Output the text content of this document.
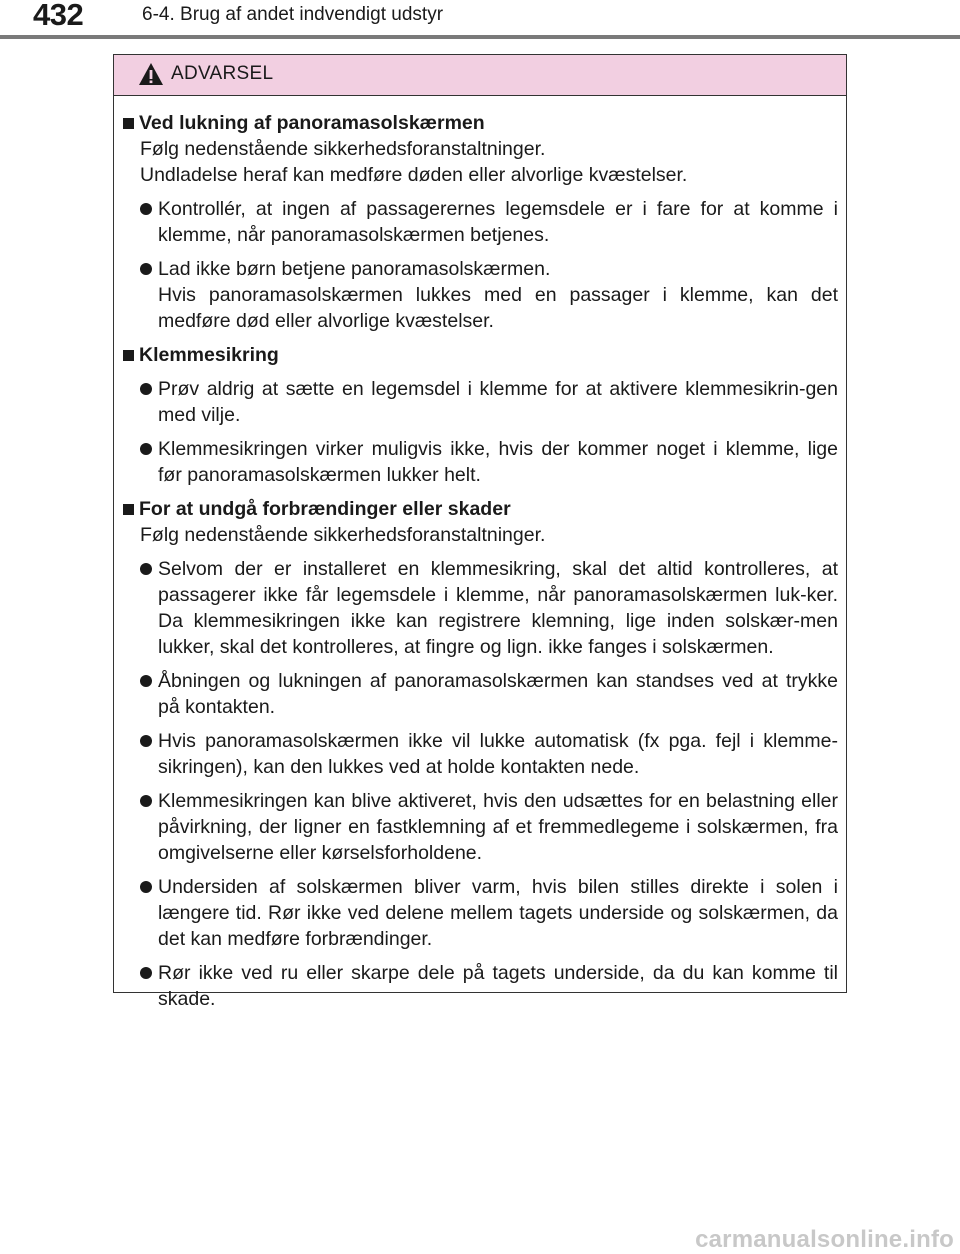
432	6-4. Brug af andet indvendigt udstyr
ADVARSEL
Ved lukning af panoramasolskærmen
Følg nedenstående sikkerhedsforanstaltninger.
Undladelse heraf kan medføre døden eller alvorlige kvæstelser.
Kontrollér, at ingen af passagerernes legemsdele er i fare for at komme i klemme, når panoramasolskærmen betjenes.
Lad ikke børn betjene panoramasolskærmen.
Hvis panoramasolskærmen lukkes med en passager i klemme, kan det medføre død eller alvorlige kvæstelser.
Klemmesikring
Prøv aldrig at sætte en legemsdel i klemme for at aktivere klemmesikrin-gen med vilje.
Klemmesikringen virker muligvis ikke, hvis der kommer noget i klemme, lige før panoramasolskærmen lukker helt.
For at undgå forbrændinger eller skader
Følg nedenstående sikkerhedsforanstaltninger.
Selvom der er installeret en klemmesikring, skal det altid kontrolleres, at passagerer ikke får legemsdele i klemme, når panoramasolskærmen luk-ker. Da klemmesikringen ikke kan registrere klemning, lige inden solskær-men lukker, skal det kontrolleres, at fingre og lign. ikke fanges i solskærmen.
Åbningen og lukningen af panoramasolskærmen kan standses ved at trykke på kontakten.
Hvis panoramasolskærmen ikke vil lukke automatisk (fx pga. fejl i klemme-sikringen), kan den lukkes ved at holde kontakten nede.
Klemmesikringen kan blive aktiveret, hvis den udsættes for en belastning eller påvirkning, der ligner en fastklemning af et fremmedlegeme i solskærmen, fra omgivelserne eller kørselsforholdene.
Undersiden af solskærmen bliver varm, hvis bilen stilles direkte i solen i længere tid. Rør ikke ved delene mellem tagets underside og solskærmen, da det kan medføre forbrændinger.
Rør ikke ved ru eller skarpe dele på tagets underside, da du kan komme til skade.
carmanualsonline.info
